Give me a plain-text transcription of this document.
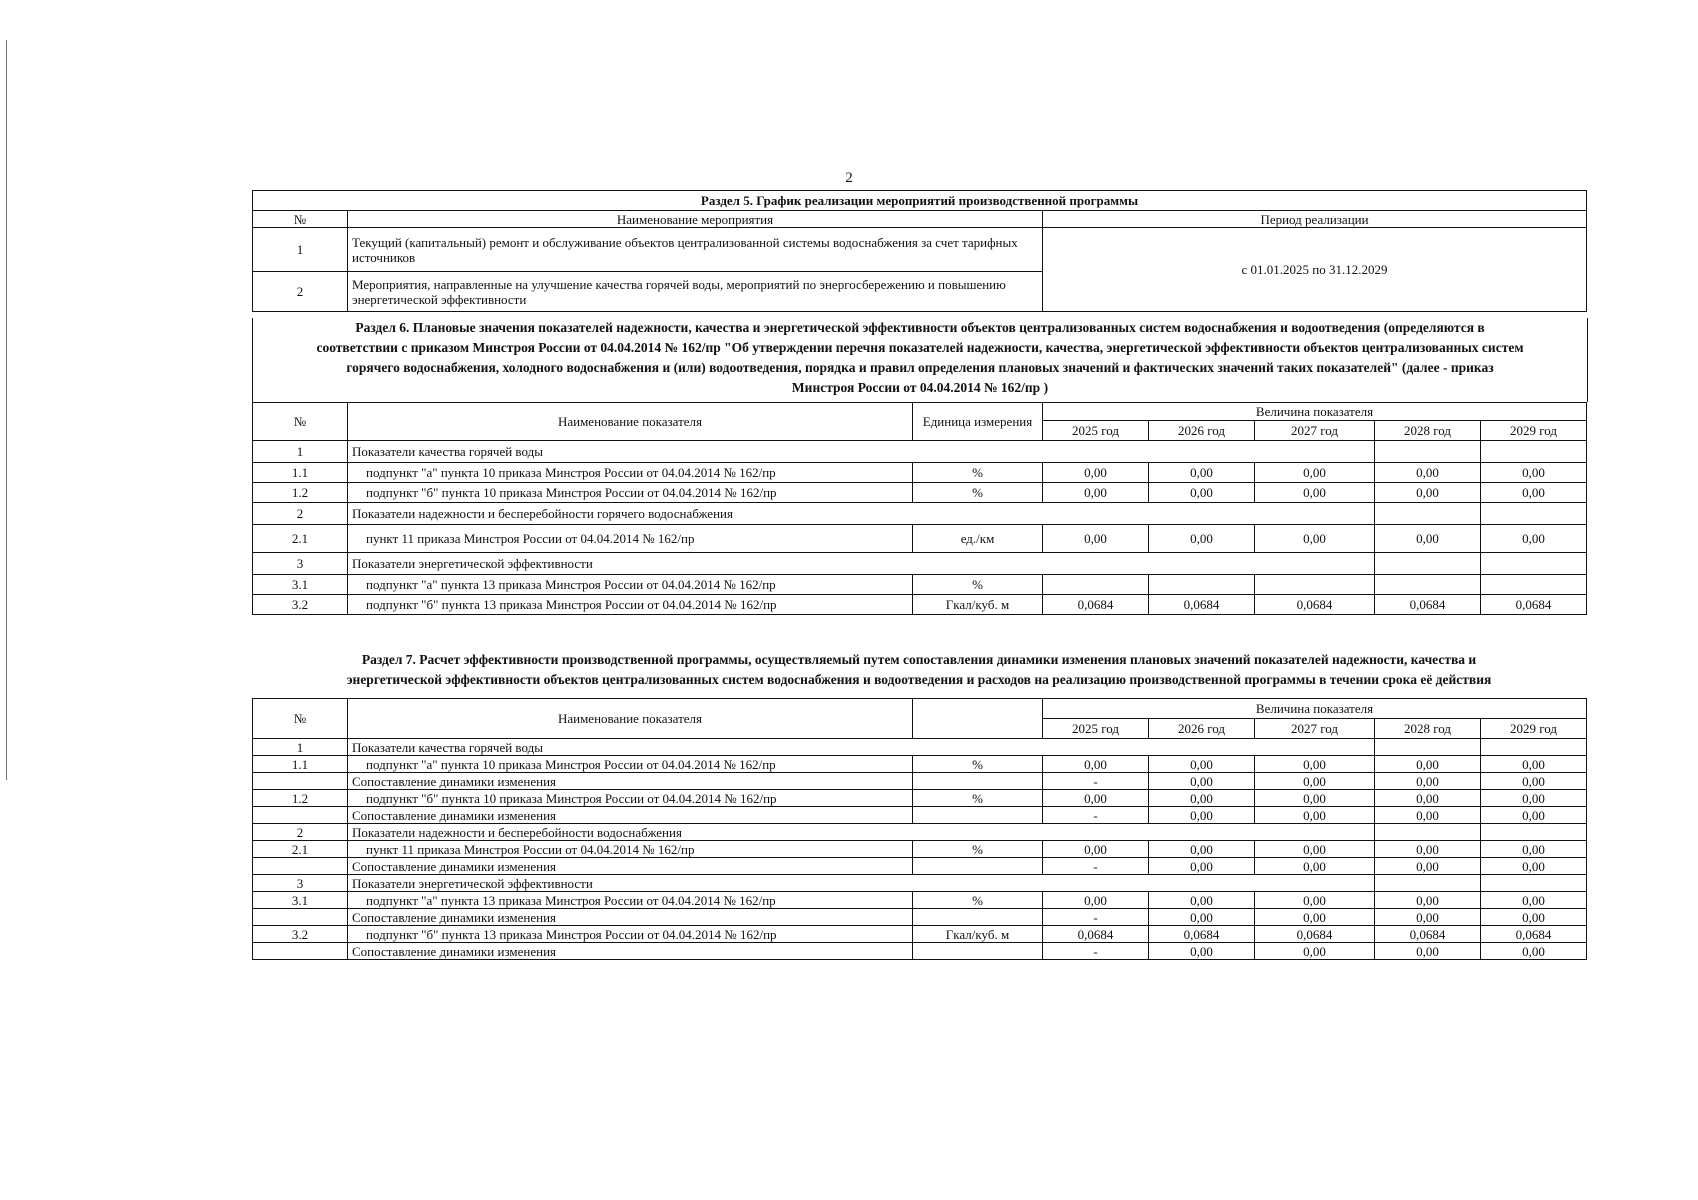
2
Раздел 5. График реализации мероприятий производственной программы		
№	Наименование мероприятия	Период реализации
1	Текущий (капитальный) ремонт и обслуживание объектов централизованной системы водоснабжения за счет тарифных источников	с 01.01.2025 по 31.12.2029
2	Мероприятия, направленные на улучшение качества горячей воды, мероприятий по энергосбережению и повышению энергетической эффективности	
Раздел 6. Плановые значения показателей надежности, качества и энергетической эффективности объектов централизованных систем водоснабжения и водоотведения (определяются в
соответствии с приказом Минстроя России от 04.04.2014 № 162/пр "Об утверждении перечня показателей надежности, качества, энергетической эффективности объектов централизованных систем
горячего водоснабжения, холодного водоснабжения и (или) водоотведения, порядка и правил определения плановых значений и фактических значений таких показателей" (далее - приказ
Минстроя России от 04.04.2014 № 162/пр )
№	Наименование показателя	Единица измерения	Величина показателя				
			2025 год	2026 год	2027 год	2028 год	2029 год
1	Показатели качества горячей воды						
1.1	подпункт "а" пункта 10 приказа Минстроя России от 04.04.2014 № 162/пр	%	0,00	0,00	0,00	0,00	0,00
1.2	подпункт "б" пункта 10 приказа Минстроя России от 04.04.2014 № 162/пр	%	0,00	0,00	0,00	0,00	0,00
2	Показатели надежности и бесперебойности горячего водоснабжения						
2.1	пункт 11 приказа Минстроя России от 04.04.2014 № 162/пр	ед./км	0,00	0,00	0,00	0,00	0,00
3	Показатели энергетической эффективности						
3.1	подпункт "а" пункта 13 приказа Минстроя России от 04.04.2014 № 162/пр	%					
3.2	подпункт "б" пункта 13 приказа Минстроя России от 04.04.2014 № 162/пр	Гкал/куб. м	0,0684	0,0684	0,0684	0,0684	0,0684
Раздел 7. Расчет эффективности производственной программы, осуществляемый путем сопоставления динамики изменения плановых значений показателей надежности, качества и
энергетической эффективности объектов централизованных систем водоснабжения и водоотведения и расходов на реализацию производственной программы в течении срока её действия
№	Наименование показателя		Величина показателя				
			2025 год	2026 год	2027 год	2028 год	2029 год
1	Показатели качества горячей воды						
1.1	подпункт "а" пункта 10 приказа Минстроя России от 04.04.2014 № 162/пр	%	0,00	0,00	0,00	0,00	0,00
	Сопоставление динамики изменения		-	0,00	0,00	0,00	0,00
1.2	подпункт "б" пункта 10 приказа Минстроя России от 04.04.2014 № 162/пр	%	0,00	0,00	0,00	0,00	0,00
	Сопоставление динамики изменения		-	0,00	0,00	0,00	0,00
2	Показатели надежности и бесперебойности водоснабжения						
2.1	пункт 11 приказа Минстроя России от 04.04.2014 № 162/пр	%	0,00	0,00	0,00	0,00	0,00
	Сопоставление динамики изменения		-	0,00	0,00	0,00	0,00
3	Показатели энергетической эффективности						
3.1	подпункт "а" пункта 13 приказа Минстроя России от 04.04.2014 № 162/пр	%	0,00	0,00	0,00	0,00	0,00
	Сопоставление динамики изменения		-	0,00	0,00	0,00	0,00
3.2	подпункт "б" пункта 13 приказа Минстроя России от 04.04.2014 № 162/пр	Гкал/куб. м	0,0684	0,0684	0,0684	0,0684	0,0684
	Сопоставление динамики изменения		-	0,00	0,00	0,00	0,00
